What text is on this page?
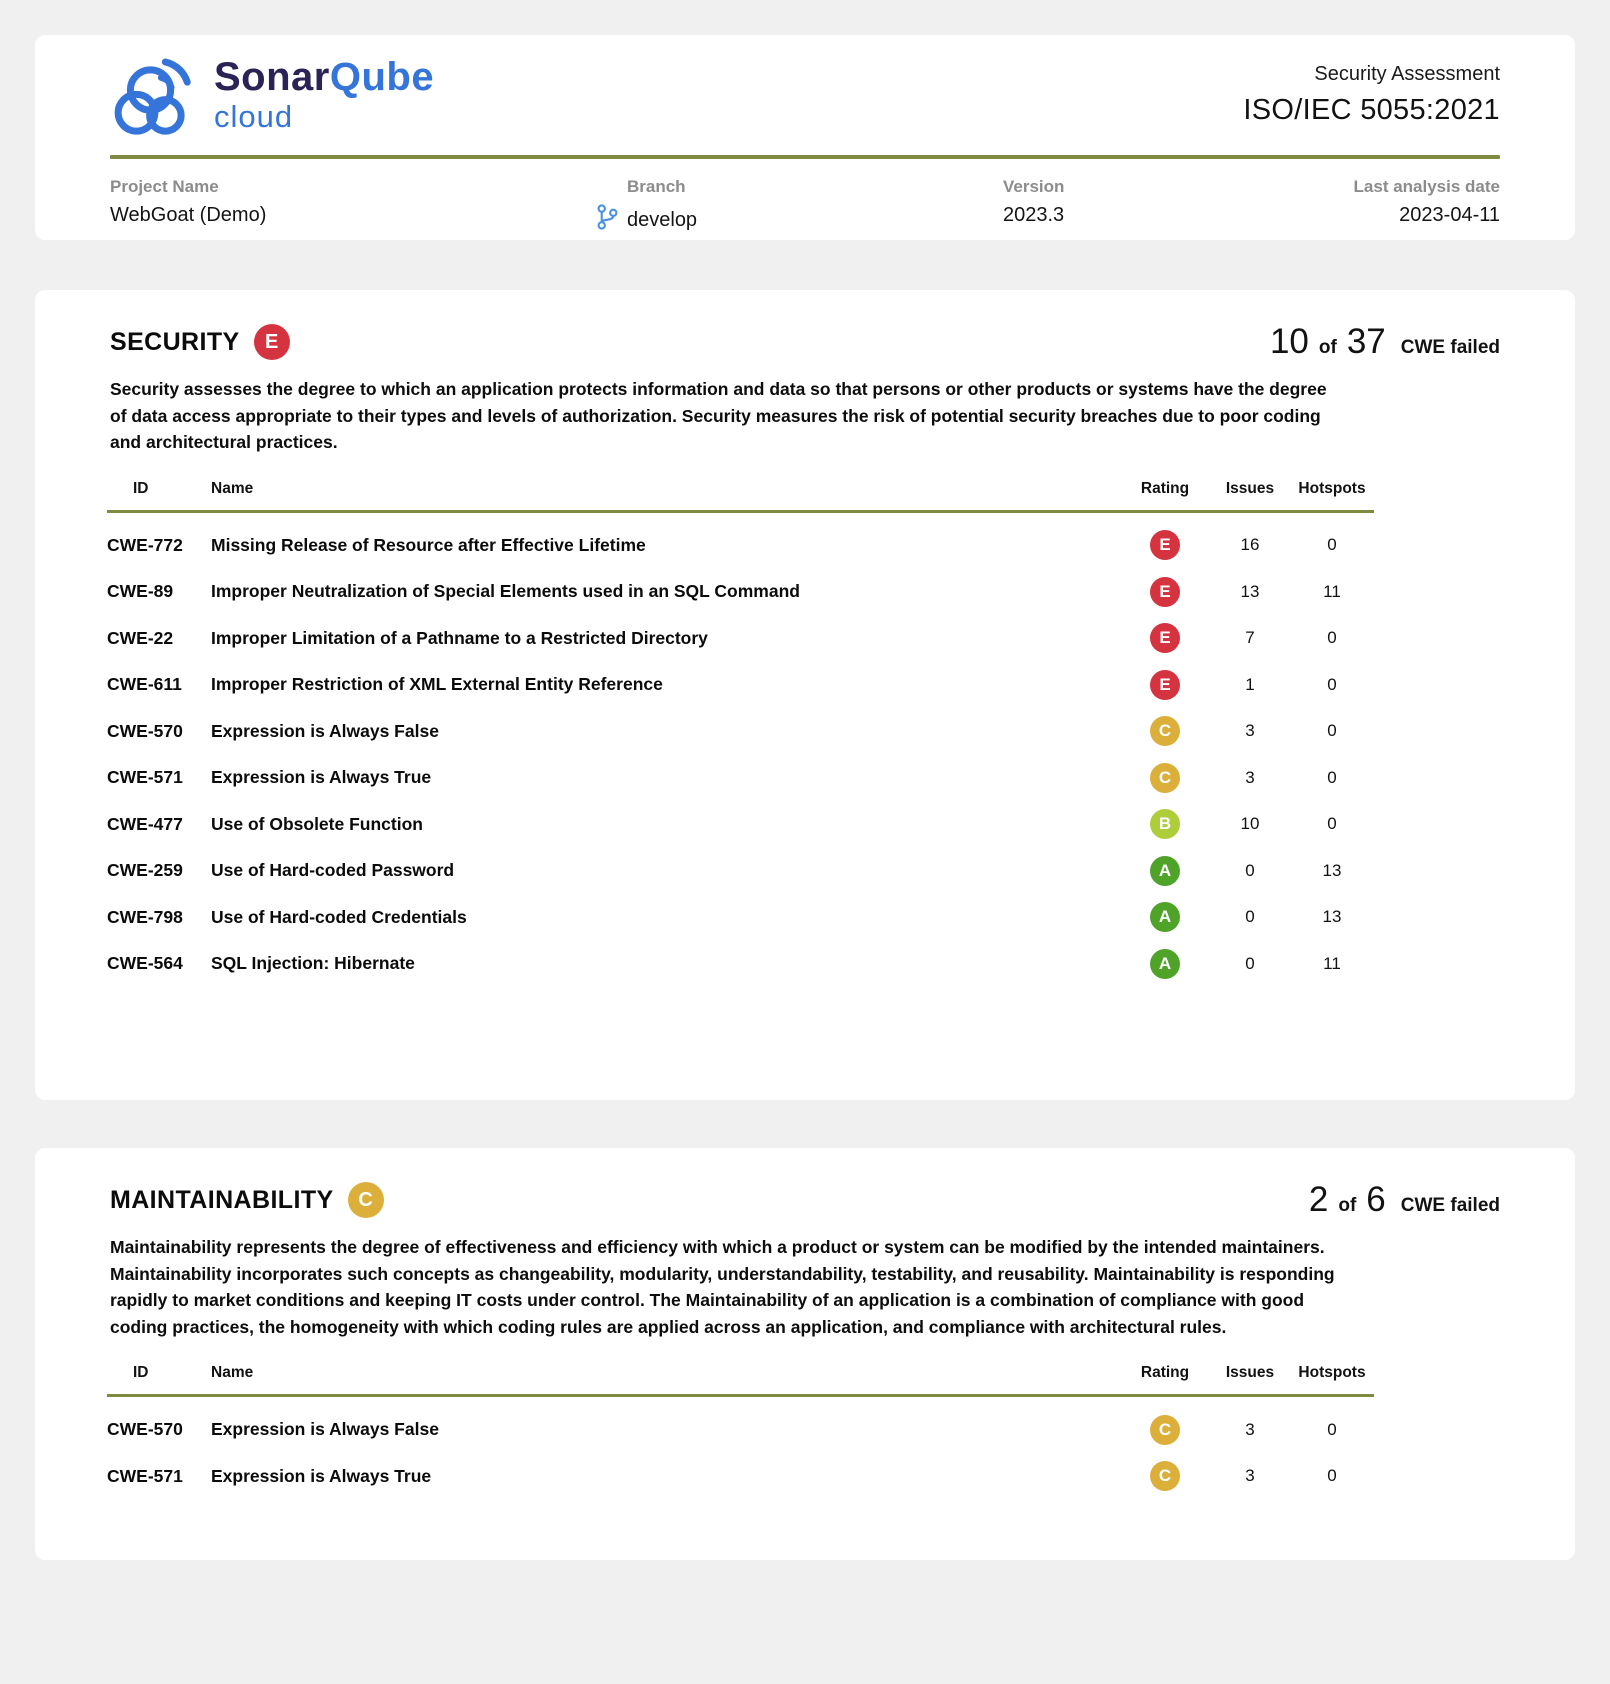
SonarQube
cloud
Security Assessment
ISO/IEC 5055:2021
Project Name
WebGoat (Demo)
Branch
develop
Version
2023.3
Last analysis date
2023-04-11
SECURITY	E	10 of 37 CWE failed

Security assesses the degree to which an application protects information and data so that persons or other products or systems have the degree of data access appropriate to their types and levels of authorization. Security measures the risk of potential security breaches due to poor coding and architectural practices.

ID	Name	Rating	Issues	Hotspots
CWE-772	Missing Release of Resource after Effective Lifetime	E	16	0
CWE-89	Improper Neutralization of Special Elements used in an SQL Command	E	13	11
CWE-22	Improper Limitation of a Pathname to a Restricted Directory	E	7	0
CWE-611	Improper Restriction of XML External Entity Reference	E	1	0
CWE-570	Expression is Always False	C	3	0
CWE-571	Expression is Always True	C	3	0
CWE-477	Use of Obsolete Function	B	10	0
CWE-259	Use of Hard-coded Password	A	0	13
CWE-798	Use of Hard-coded Credentials	A	0	13
CWE-564	SQL Injection: Hibernate	A	0	11
MAINTAINABILITY	C	2 of 6 CWE failed

Maintainability represents the degree of effectiveness and efficiency with which a product or system can be modified by the intended maintainers. Maintainability incorporates such concepts as changeability, modularity, understandability, testability, and reusability. Maintainability is responding rapidly to market conditions and keeping IT costs under control. The Maintainability of an application is a combination of compliance with good coding practices, the homogeneity with which coding rules are applied across an application, and compliance with architectural rules.

ID	Name	Rating	Issues	Hotspots
CWE-570	Expression is Always False	C	3	0
CWE-571	Expression is Always True	C	3	0
